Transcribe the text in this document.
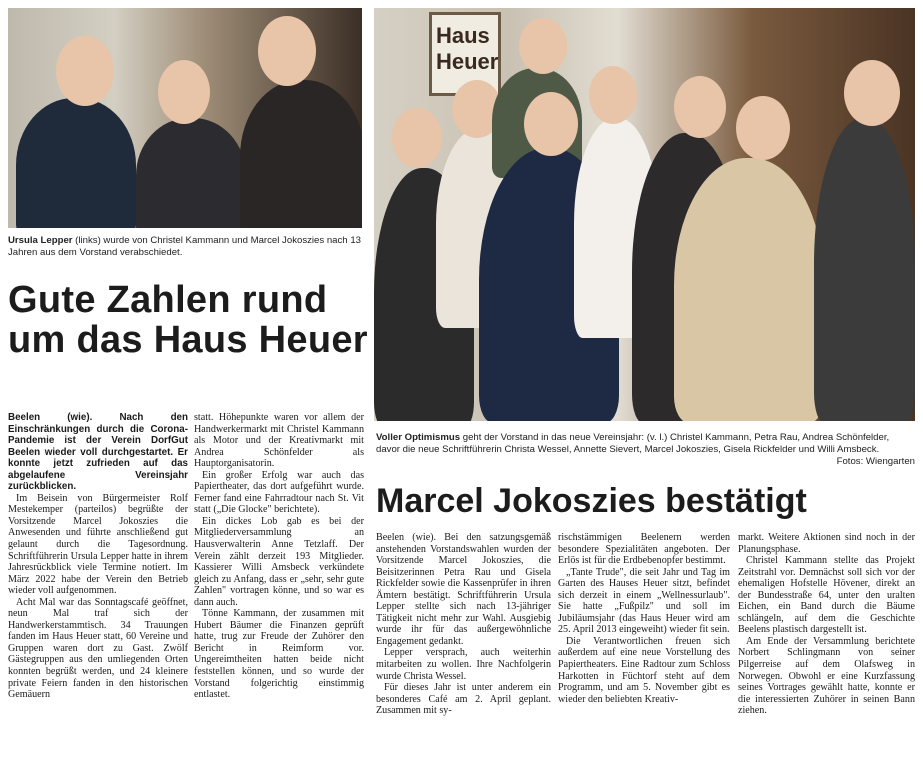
Haus Heuer
Ursula Lepper (links) wurde von Christel Kammann und Marcel Jokoszies nach 13 Jahren aus dem Vorstand verabschiedet.
Voller Optimismus geht der Vorstand in das neue Vereinsjahr: (v. l.) Christel Kammann, Petra Rau, Andrea Schönfelder, davor die neue Schriftführerin Christa Wessel, Annette Sievert, Marcel Jokoszies, Gisela Rickfelder und Willi Amsbeck.
Fotos: Wiengarten
Gute Zahlen rund um das Haus Heuer

Beelen (wie). Nach den Einschränkungen durch die Corona-Pandemie ist der Verein DorfGut Beelen wieder voll durchgestartet. Er konnte jetzt zufrieden auf das abgelaufene Vereinsjahr zurückblicken.

Im Beisein von Bürgermeister Rolf Mestekemper (parteilos) begrüßte der Vorsitzende Marcel Jokoszies die Anwesenden und führte anschließend gut gelaunt durch die Tagesordnung. Schriftführerin Ursula Lepper hatte in ihrem Jahresrückblick viele Termine notiert. Im März 2022 habe der Verein den Betrieb wieder voll aufgenommen.

Acht Mal war das Sonntagscafé geöffnet, neun Mal traf sich der Handwerkerstammtisch. 34 Trauungen fanden im Haus Heuer statt, 60 Vereine und Gruppen waren dort zu Gast. Zwölf Gästegruppen aus den umliegenden Orten konnten begrüßt werden, und 24 kleinere private Feiern fanden in den historischen Gemäuern

statt. Höhepunkte waren vor allem der Handwerkermarkt mit Christel Kammann als Motor und der Kreativmarkt mit Andrea Schönfelder als Hauptorganisatorin.

Ein großer Erfolg war auch das Papiertheater, das dort aufgeführt wurde. Ferner fand eine Fahrradtour nach St. Vit statt („Die Glocke" berichtete).

Ein dickes Lob gab es bei der Mitgliederversammlung an Hausverwalterin Anne Tetzlaff. Der Verein zählt derzeit 193 Mitglieder. Kassierer Willi Amsbeck verkündete gleich zu Anfang, dass er „sehr, sehr gute Zahlen" vortragen könne, und so war es dann auch.

Tönne Kammann, der zusammen mit Hubert Bäumer die Finanzen geprüft hatte, trug zur Freude der Zuhörer den Bericht in Reimform vor. Ungereimtheiten hatten beide nicht feststellen können, und so wurde der Vorstand folgerichtig einstimmig entlastet.

Marcel Jokoszies bestätigt

Beelen (wie). Bei den satzungsgemäß anstehenden Vorstandswahlen wurden der Vorsitzende Marcel Jokoszies, die Beisitzerinnen Petra Rau und Gisela Rickfelder sowie die Kassenprüfer in ihren Ämtern bestätigt. Schriftführerin Ursula Lepper stellte sich nach 13-jähriger Tätigkeit nicht mehr zur Wahl. Ausgiebig wurde ihr für das außergewöhnliche Engagement gedankt.

Lepper versprach, auch weiterhin mitarbeiten zu wollen. Ihre Nachfolgerin wurde Christa Wessel.

Für dieses Jahr ist unter anderem ein besonderes Café am 2. April geplant. Zusammen mit sy-

rischstämmigen Beelenern werden besondere Spezialitäten angeboten. Der Erlös ist für die Erdbebenopfer bestimmt.

„Tante Trude", die seit Jahr und Tag im Garten des Hauses Heuer sitzt, befindet sich derzeit in einem „Wellnessurlaub". Sie hatte „Fußpilz" und soll im Jubiläumsjahr (das Haus Heuer wird am 25. April 2013 eingeweiht) wieder fit sein.

Die Verantwortlichen freuen sich außerdem auf eine neue Vorstellung des Papiertheaters. Eine Radtour zum Schloss Harkotten in Füchtorf steht auf dem Programm, und am 5. November gibt es wieder den beliebten Kreativ-

markt. Weitere Aktionen sind noch in der Planungsphase.

Christel Kammann stellte das Projekt Zeitstrahl vor. Demnächst soll sich vor der ehemaligen Hofstelle Hövener, direkt an der Bundesstraße 64, unter den uralten Eichen, ein Band durch die Bäume schlängeln, auf dem die Geschichte Beelens plastisch dargestellt ist.

Am Ende der Versammlung berichtete Norbert Schlingmann von seiner Pilgerreise auf dem Olafsweg in Norwegen. Obwohl er eine Kurzfassung seines Vortrages gewählt hatte, konnte er die interessierten Zuhörer in seinen Bann ziehen.
